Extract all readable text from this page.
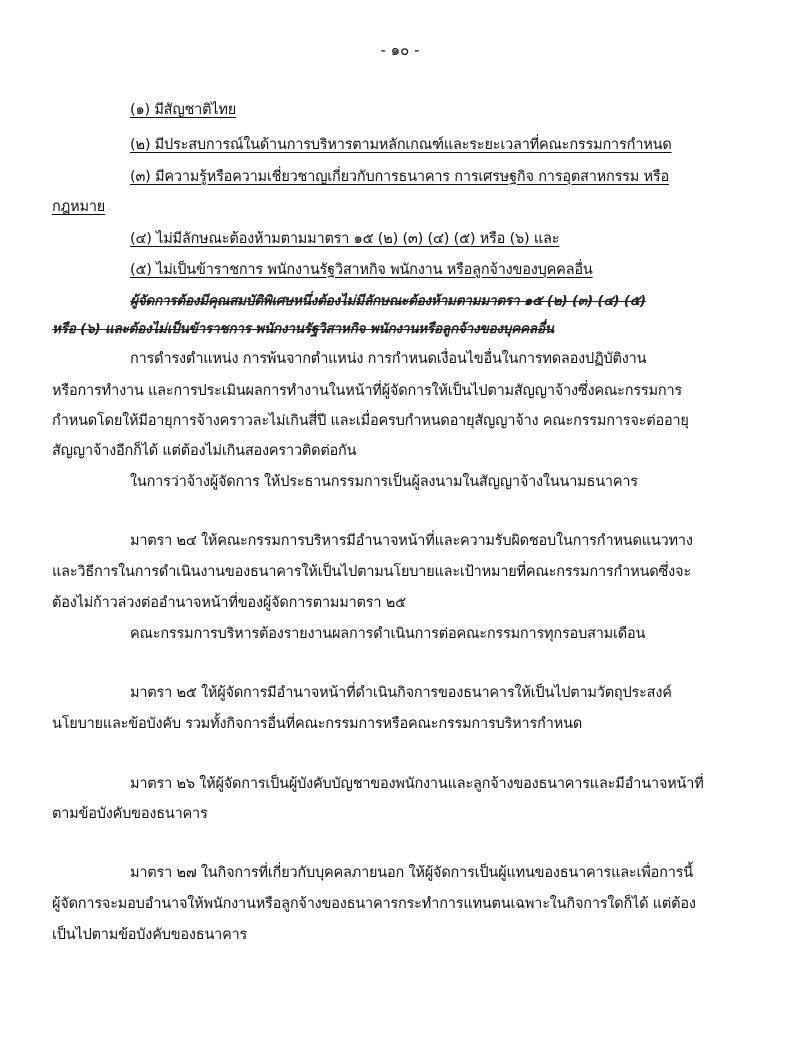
- ๑๐ -
(๑) มีสัญชาติไทย
(๒) มีประสบการณ์ในด้านการบริหารตามหลักเกณฑ์และระยะเวลาที่คณะกรรมการกำหนด
(๓) มีความรู้หรือความเชี่ยวชาญเกี่ยวกับการธนาคาร การเศรษฐกิจ การอุตสาหกรรม หรือ
กฎหมาย
(๔) ไม่มีลักษณะต้องห้ามตามมาตรา ๑๕ (๒) (๓) (๔) (๕) หรือ (๖) และ
(๕) ไม่เป็นข้าราชการ พนักงานรัฐวิสาหกิจ พนักงาน หรือลูกจ้างของบุคคลอื่น
ผู้จัดการต้องมีคุณสมบัติพิเศษหนึ่งต้องไม่มีลักษณะต้องห้ามตามมาตรา ๑๕ (๒) (๓) (๔) (๕)
หรือ (๖) และต้องไม่เป็นข้าราชการ พนักงานรัฐวิสาหกิจ พนักงานหรือลูกจ้างของบุคคลอื่น
การดำรงตำแหน่ง การพ้นจากตำแหน่ง การกำหนดเงื่อนไขอื่นในการทดลองปฏิบัติงาน
หรือการทำงาน และการประเมินผลการทำงานในหน้าที่ผู้จัดการให้เป็นไปตามสัญญาจ้างซึ่งคณะกรรมการ
กำหนดโดยให้มีอายุการจ้างคราวละไม่เกินสี่ปี และเมื่อครบกำหนดอายุสัญญาจ้าง คณะกรรมการจะต่ออายุ
สัญญาจ้างอีกก็ได้ แต่ต้องไม่เกินสองคราวติดต่อกัน
ในการว่าจ้างผู้จัดการ ให้ประธานกรรมการเป็นผู้ลงนามในสัญญาจ้างในนามธนาคาร
มาตรา ๒๔ ให้คณะกรรมการบริหารมีอำนาจหน้าที่และความรับผิดชอบในการกำหนดแนวทาง
และวิธีการในการดำเนินงานของธนาคารให้เป็นไปตามนโยบายและเป้าหมายที่คณะกรรมการกำหนดซึ่งจะ
ต้องไม่ก้าวล่วงต่ออำนาจหน้าที่ของผู้จัดการตามมาตรา ๒๕
คณะกรรมการบริหารต้องรายงานผลการดำเนินการต่อคณะกรรมการทุกรอบสามเดือน
มาตรา ๒๕ ให้ผู้จัดการมีอำนาจหน้าที่ดำเนินกิจการของธนาคารให้เป็นไปตามวัตถุประสงค์
นโยบายและข้อบังคับ รวมทั้งกิจการอื่นที่คณะกรรมการหรือคณะกรรมการบริหารกำหนด
มาตรา ๒๖ ให้ผู้จัดการเป็นผู้บังคับบัญชาของพนักงานและลูกจ้างของธนาคารและมีอำนาจหน้าที่
ตามข้อบังคับของธนาคาร
มาตรา ๒๗ ในกิจการที่เกี่ยวกับบุคคลภายนอก ให้ผู้จัดการเป็นผู้แทนของธนาคารและเพื่อการนี้
ผู้จัดการจะมอบอำนาจให้พนักงานหรือลูกจ้างของธนาคารกระทำการแทนตนเฉพาะในกิจการใดก็ได้ แต่ต้อง
เป็นไปตามข้อบังคับของธนาคาร
